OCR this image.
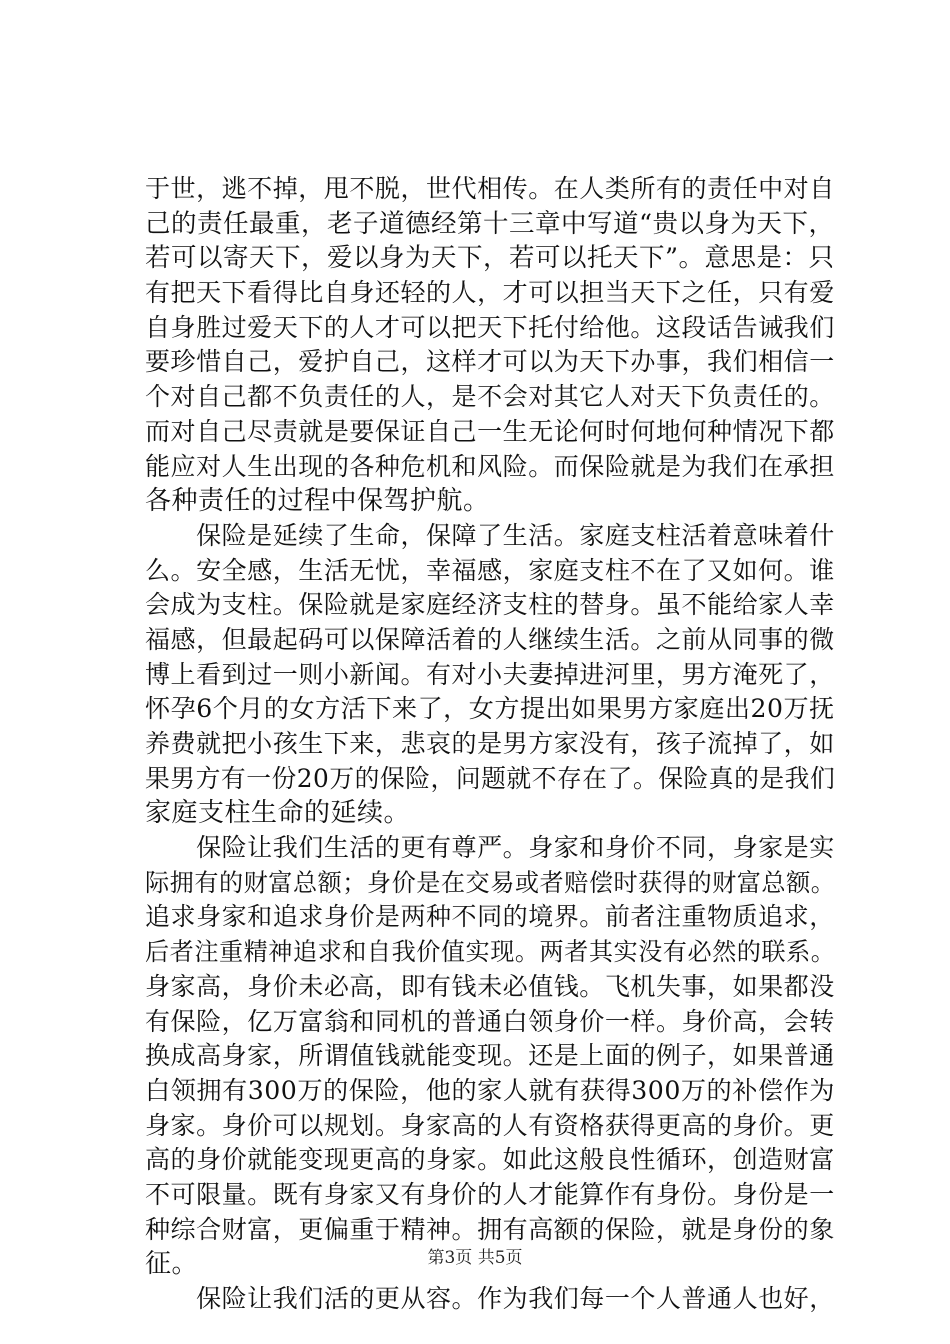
于世，逃不掉，甩不脱，世代相传。在人类所有的责任中对自
己的责任最重，老子道德经第十三章中写道“贵以身为天下，
若可以寄天下，爱以身为天下，若可以托天下”。意思是：只
有把天下看得比自身还轻的人，才可以担当天下之任，只有爱
自身胜过爱天下的人才可以把天下托付给他。这段话告诫我们
要珍惜自己，爱护自己，这样才可以为天下办事，我们相信一
个对自己都不负责任的人，是不会对其它人对天下负责任的。
而对自己尽责就是要保证自己一生无论何时何地何种情况下都
能应对人生出现的各种危机和风险。而保险就是为我们在承担
各种责任的过程中保驾护航。
　　保险是延续了生命，保障了生活。家庭支柱活着意味着什
么。安全感，生活无忧，幸福感，家庭支柱不在了又如何。谁
会成为支柱。保险就是家庭经济支柱的替身。虽不能给家人幸
福感，但最起码可以保障活着的人继续生活。之前从同事的微
博上看到过一则小新闻。有对小夫妻掉进河里，男方淹死了，
怀孕6个月的女方活下来了，女方提出如果男方家庭出20万抚
养费就把小孩生下来，悲哀的是男方家没有，孩子流掉了，如
果男方有一份20万的保险，问题就不存在了。保险真的是我们
家庭支柱生命的延续。
　　保险让我们生活的更有尊严。身家和身价不同，身家是实
际拥有的财富总额；身价是在交易或者赔偿时获得的财富总额。
追求身家和追求身价是两种不同的境界。前者注重物质追求，
后者注重精神追求和自我价值实现。两者其实没有必然的联系。
身家高，身价未必高，即有钱未必值钱。飞机失事，如果都没
有保险，亿万富翁和同机的普通白领身价一样。身价高，会转
换成高身家，所谓值钱就能变现。还是上面的例子，如果普通
白领拥有300万的保险，他的家人就有获得300万的补偿作为
身家。身价可以规划。身家高的人有资格获得更高的身价。更
高的身价就能变现更高的身家。如此这般良性循环，创造财富
不可限量。既有身家又有身价的人才能算作有身份。身份是一
种综合财富，更偏重于精神。拥有高额的保险，就是身份的象
征。
　　保险让我们活的更从容。作为我们每一个人普通人也好，
第3页 共5页
